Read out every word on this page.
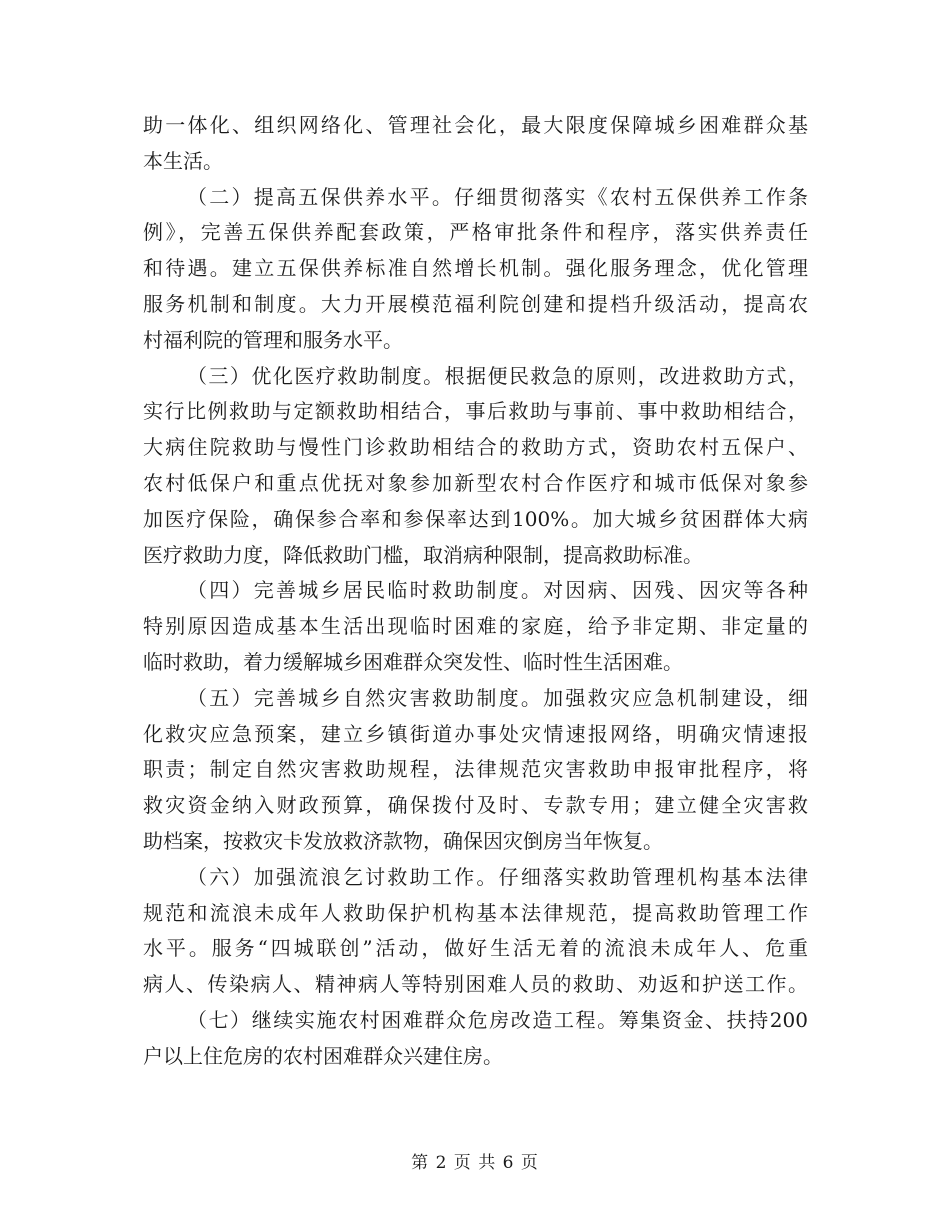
助一体化、组织网络化、管理社会化，最大限度保障城乡困难群众基
本生活。
（二）提高五保供养水平。仔细贯彻落实《农村五保供养工作条
例》，完善五保供养配套政策，严格审批条件和程序，落实供养责任
和待遇。建立五保供养标准自然增长机制。强化服务理念，优化管理
服务机制和制度。大力开展模范福利院创建和提档升级活动，提高农
村福利院的管理和服务水平。
（三）优化医疗救助制度。根据便民救急的原则，改进救助方式，
实行比例救助与定额救助相结合，事后救助与事前、事中救助相结合，
大病住院救助与慢性门诊救助相结合的救助方式，资助农村五保户、
农村低保户和重点优抚对象参加新型农村合作医疗和城市低保对象参
加医疗保险，确保参合率和参保率达到100%。加大城乡贫困群体大病
医疗救助力度，降低救助门槛，取消病种限制，提高救助标准。
（四）完善城乡居民临时救助制度。对因病、因残、因灾等各种
特别原因造成基本生活出现临时困难的家庭，给予非定期、非定量的
临时救助，着力缓解城乡困难群众突发性、临时性生活困难。
（五）完善城乡自然灾害救助制度。加强救灾应急机制建设，细
化救灾应急预案，建立乡镇街道办事处灾情速报网络，明确灾情速报
职责；制定自然灾害救助规程，法律规范灾害救助申报审批程序，将
救灾资金纳入财政预算，确保拨付及时、专款专用；建立健全灾害救
助档案，按救灾卡发放救济款物，确保因灾倒房当年恢复。
（六）加强流浪乞讨救助工作。仔细落实救助管理机构基本法律
规范和流浪未成年人救助保护机构基本法律规范，提高救助管理工作
水平。服务“四城联创”活动，做好生活无着的流浪未成年人、危重
病人、传染病人、精神病人等特别困难人员的救助、劝返和护送工作。
（七）继续实施农村困难群众危房改造工程。筹集资金、扶持200
户以上住危房的农村困难群众兴建住房。
第 2 页 共 6 页
